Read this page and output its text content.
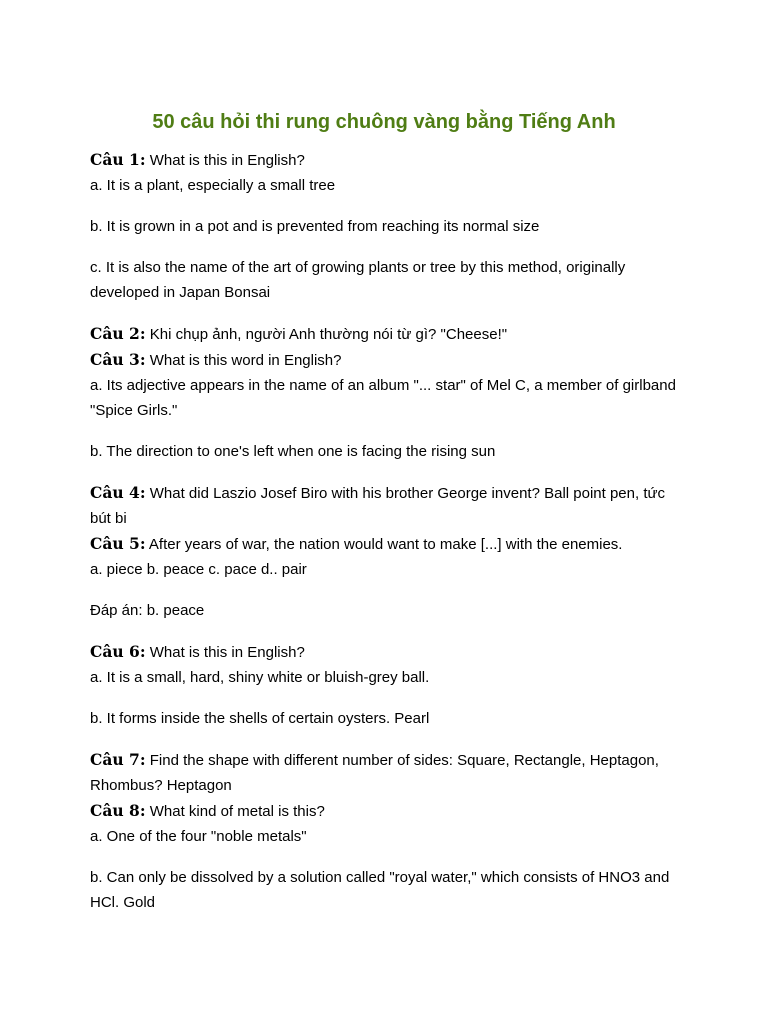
50 câu hỏi thi rung chuông vàng bằng Tiếng Anh

Câu 1: What is this in English?

a. It is a plant, especially a small tree

b. It is grown in a pot and is prevented from reaching its normal size

c. It is also the name of the art of growing plants or tree by this method, originally developed in Japan Bonsai

Câu 2: Khi chụp ảnh, người Anh thường nói từ gì? "Cheese!"

Câu 3: What is this word in English?

a. Its adjective appears in the name of an album "... star" of Mel C, a member of girlband "Spice Girls."

b. The direction to one's left when one is facing the rising sun

Câu 4: What did Laszio Josef Biro with his brother George invent? Ball point pen, tức bút bi

Câu 5: After years of war, the nation would want to make [...] with the enemies.

a. piece b. peace c. pace d.. pair

Đáp án: b. peace

Câu 6: What is this in English?

a. It is a small, hard, shiny white or bluish-grey ball.

b. It forms inside the shells of certain oysters. Pearl

Câu 7: Find the shape with different number of sides: Square, Rectangle, Heptagon, Rhombus? Heptagon

Câu 8: What kind of metal is this?

a. One of the four "noble metals"

b. Can only be dissolved by a solution called "royal water," which consists of HNO3 and HCl. Gold
